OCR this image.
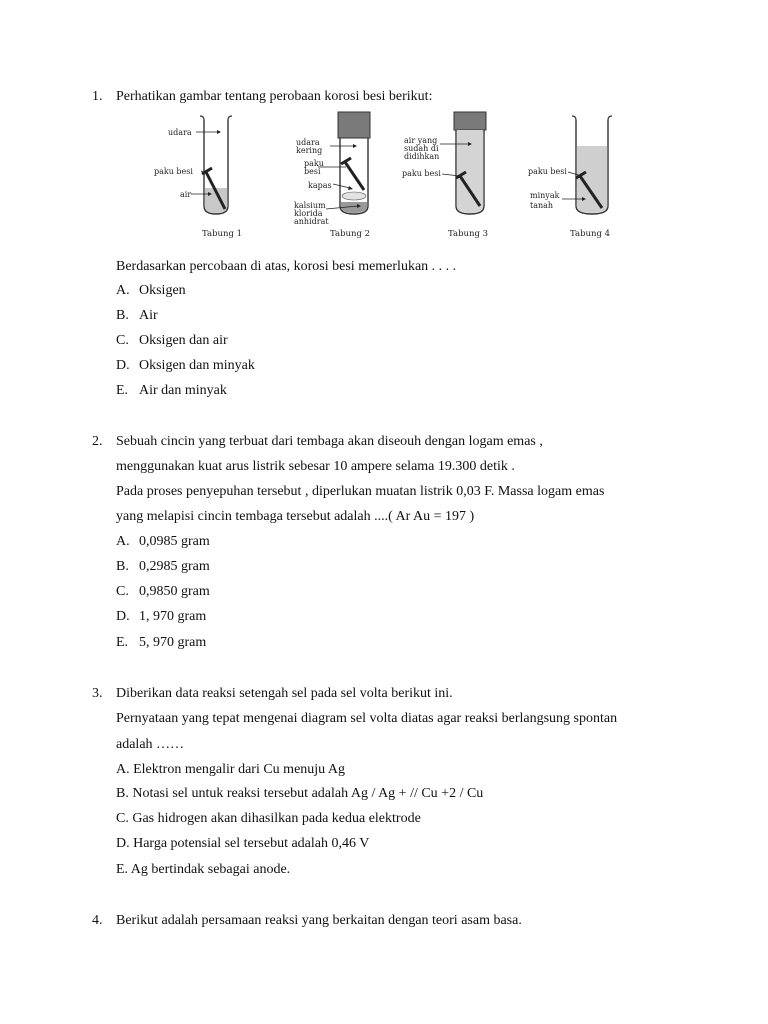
1. Perhatikan gambar tentang perobaan korosi besi berikut:
udara
paku besi
air
Tabung 1
udara
kering
paku
besi
kapas
kalsium
klorida
anhidrat
Tabung 2
air yang
sudah di
didihkan
paku besi
Tabung 3
paku besi
minyak
tanah
Tabung 4
Berdasarkan percobaan di atas, korosi besi memerlukan . . . .
A. Oksigen
B. Air
C. Oksigen dan air
D. Oksigen dan minyak
E. Air dan minyak
2. Sebuah cincin yang terbuat dari tembaga akan diseouh dengan logam emas ,
menggunakan kuat arus listrik sebesar 10 ampere selama 19.300 detik .
Pada proses penyepuhan tersebut , diperlukan muatan listrik 0,03 F. Massa logam emas
yang melapisi cincin tembaga tersebut adalah ....( Ar Au = 197 )
A. 0,0985 gram
B. 0,2985 gram
C. 0,9850 gram
D. 1, 970 gram
E. 5, 970 gram
3. Diberikan data reaksi setengah sel pada sel volta berikut ini.
Pernyataan yang tepat mengenai diagram sel volta diatas agar reaksi berlangsung spontan
adalah ……
A. Elektron mengalir dari Cu menuju Ag
B. Notasi sel untuk reaksi tersebut adalah Ag / Ag + // Cu +2 / Cu
C. Gas hidrogen akan dihasilkan pada kedua elektrode
D. Harga potensial sel tersebut adalah 0,46 V
E. Ag bertindak sebagai anode.
4. Berikut adalah persamaan reaksi yang berkaitan dengan teori asam basa.
